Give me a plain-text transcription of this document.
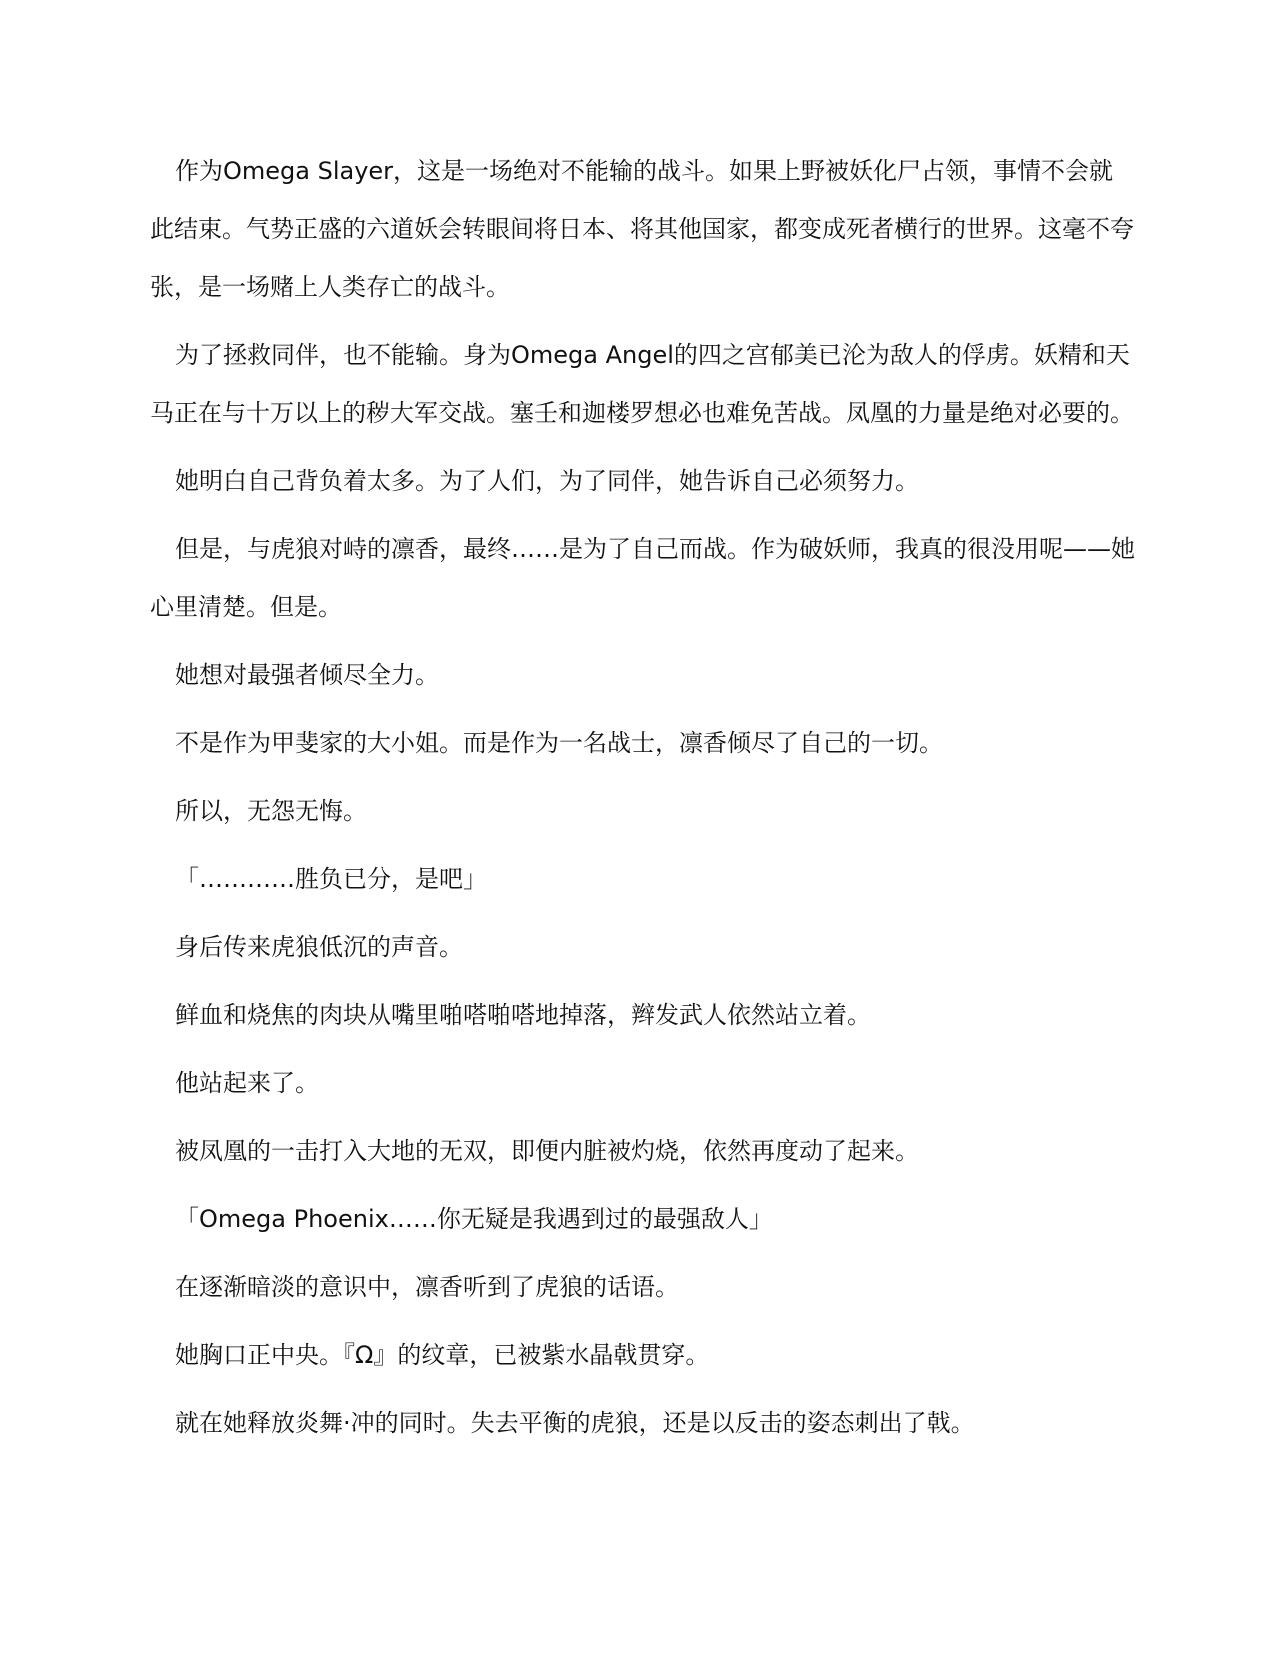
作为Omega Slayer，这是一场绝对不能输的战斗。如果上野被妖化尸占领，事情不会就此结束。气势正盛的六道妖会转眼间将日本、将其他国家，都变成死者横行的世界。这毫不夸张，是一场赌上人类存亡的战斗。

为了拯救同伴，也不能输。身为Omega Angel的四之宫郁美已沦为敌人的俘虏。妖精和天马正在与十万以上的秽大军交战。塞壬和迦楼罗想必也难免苦战。凤凰的力量是绝对必要的。

她明白自己背负着太多。为了人们，为了同伴，她告诉自己必须努力。

但是，与虎狼对峙的凛香，最终……是为了自己而战。作为破妖师，我真的很没用呢——她心里清楚。但是。

她想对最强者倾尽全力。

不是作为甲斐家的大小姐。而是作为一名战士，凛香倾尽了自己的一切。

所以，无怨无悔。

「…………胜负已分，是吧」

身后传来虎狼低沉的声音。

鲜血和烧焦的肉块从嘴里啪嗒啪嗒地掉落，辫发武人依然站立着。

他站起来了。

被凤凰的一击打入大地的无双，即便内脏被灼烧，依然再度动了起来。

「Omega Phoenix……你无疑是我遇到过的最强敌人」

在逐渐暗淡的意识中，凛香听到了虎狼的话语。

她胸口正中央。『Ω』的纹章，已被紫水晶戟贯穿。

就在她释放炎舞·冲的同时。失去平衡的虎狼，还是以反击的姿态刺出了戟。
